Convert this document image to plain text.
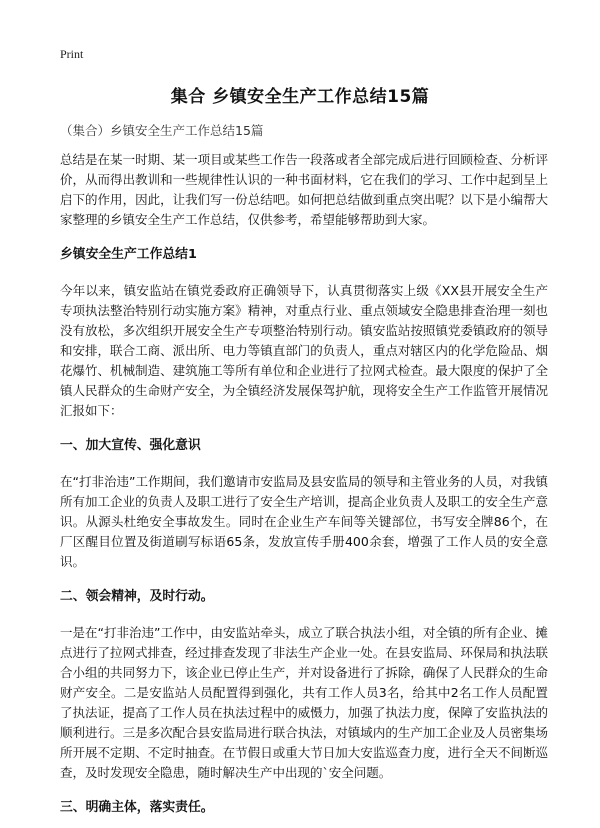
Print
集合 乡镇安全生产工作总结15篇
（集合）乡镇安全生产工作总结15篇

总结是在某一时期、某一项目或某些工作告一段落或者全部完成后进行回顾检查、分析评价，从而得出教训和一些规律性认识的一种书面材料，它在我们的学习、工作中起到呈上启下的作用，因此，让我们写一份总结吧。如何把总结做到重点突出呢？以下是小编帮大家整理的乡镇安全生产工作总结，仅供参考，希望能够帮助到大家。

乡镇安全生产工作总结1

今年以来，镇安监站在镇党委政府正确领导下，认真贯彻落实上级《XX县开展安全生产专项执法整治特别行动实施方案》精神，对重点行业、重点领域安全隐患排查治理一刻也没有放松，多次组织开展安全生产专项整治特别行动。镇安监站按照镇党委镇政府的领导和安排，联合工商、派出所、电力等镇直部门的负责人，重点对辖区内的化学危险品、烟花爆竹、机械制造、建筑施工等所有单位和企业进行了拉网式检查。最大限度的保护了全镇人民群众的生命财产安全，为全镇经济发展保驾护航，现将安全生产工作监管开展情况汇报如下：

一、加大宣传、强化意识

在“打非治违”工作期间，我们邀请市安监局及县安监局的领导和主管业务的人员，对我镇所有加工企业的负责人及职工进行了安全生产培训，提高企业负责人及职工的安全生产意识。从源头杜绝安全事故发生。同时在企业生产车间等关键部位，书写安全牌86个，在厂区醒目位置及街道刷写标语65条，发放宣传手册400余套，增强了工作人员的安全意识。

二、领会精神，及时行动。

一是在“打非治违”工作中，由安监站牵头，成立了联合执法小组，对全镇的所有企业、摊点进行了拉网式排查，经过排查发现了非法生产企业一处。在县安监局、环保局和执法联合小组的共同努力下，该企业已停止生产，并对设备进行了拆除，确保了人民群众的生命财产安全。二是安监站人员配置得到强化，共有工作人员3名，给其中2名工作人员配置了执法证，提高了工作人员在执法过程中的威慑力，加强了执法力度，保障了安监执法的顺利进行。三是多次配合县安监局进行联合执法，对镇域内的生产加工企业及人员密集场所开展不定期、不定时抽查。在节假日或重大节日加大安监巡查力度，进行全天不间断巡查，及时发现安全隐患，随时解决生产中出现的`安全问题。

三、明确主体，落实责任。
